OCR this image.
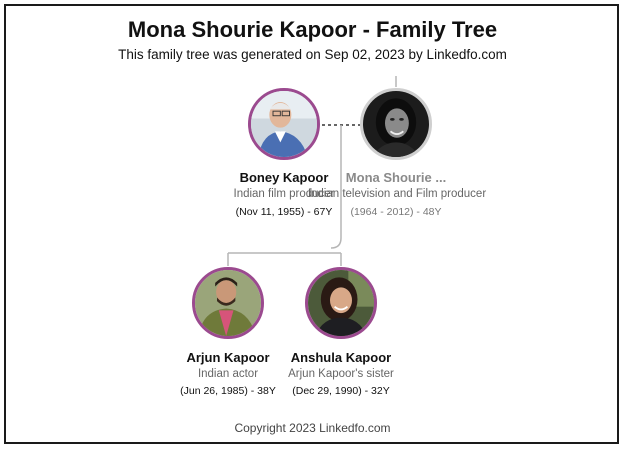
Mona Shourie Kapoor - Family Tree
This family tree was generated on Sep 02, 2023 by Linkedfo.com
Boney Kapoor
Indian film producer
(Nov 11, 1955) - 67Y
Mona Shourie ...
Indian television and Film producer
(1964 - 2012) - 48Y
Arjun Kapoor
Indian actor
(Jun 26, 1985) - 38Y
Anshula Kapoor
Arjun Kapoor's sister
(Dec 29, 1990) - 32Y
Copyright 2023 Linkedfo.com
